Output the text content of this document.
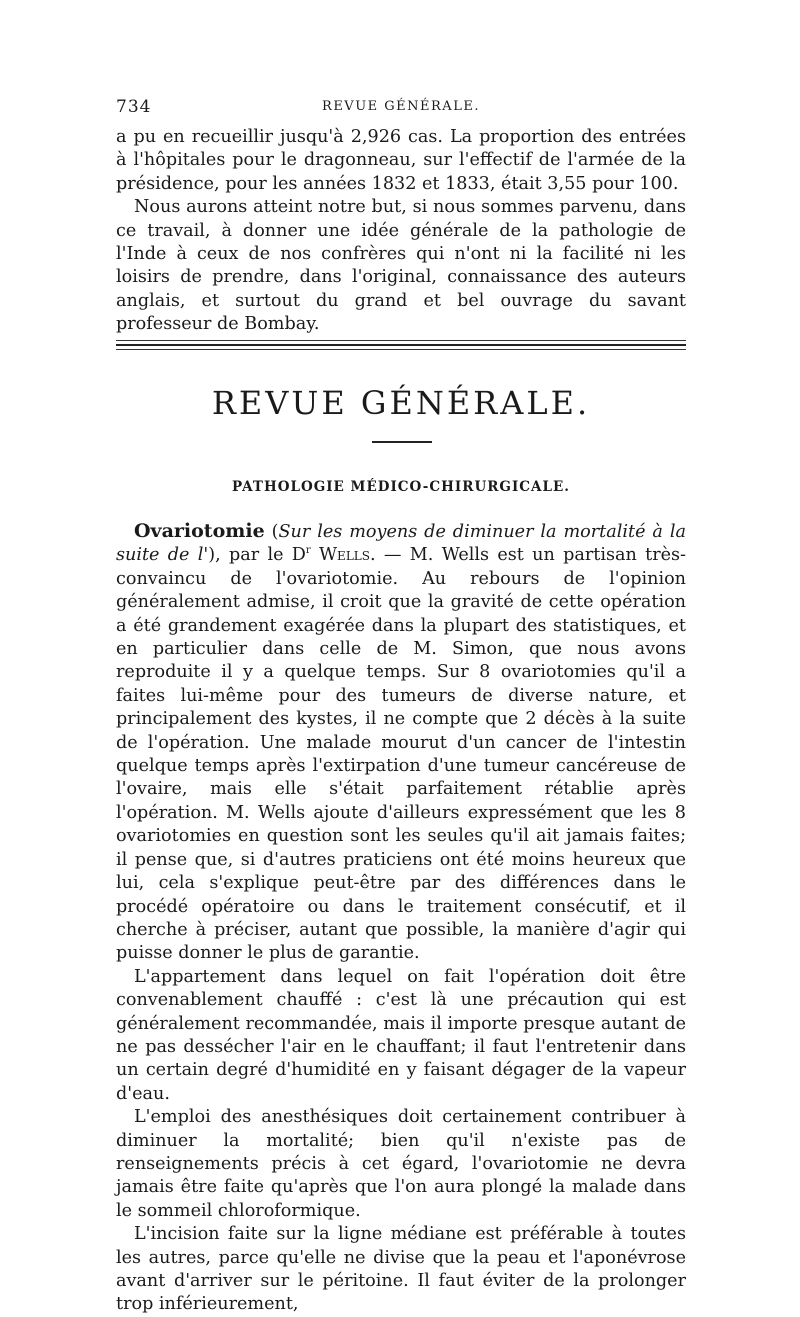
734	REVUE GÉNÉRALE.

a pu en recueillir jusqu'à 2,926 cas. La proportion des entrées à l'hôpitales pour le dragonneau, sur l'effectif de l'armée de la présidence, pour les années 1832 et 1833, était 3,55 pour 100.

Nous aurons atteint notre but, si nous sommes parvenu, dans ce travail, à donner une idée générale de la pathologie de l'Inde à ceux de nos confrères qui n'ont ni la facilité ni les loisirs de prendre, dans l'original, connaissance des auteurs anglais, et surtout du grand et bel ouvrage du savant professeur de Bombay.

REVUE GÉNÉRALE.
PATHOLOGIE MÉDICO-CHIRURGICALE.

Ovariotomie (Sur les moyens de diminuer la mortalité à la suite de l'), par le $D^r$ Wells. — M. Wells est un partisan très-convaincu de l'ovariotomie. Au rebours de l'opinion généralement admise, il croit que la gravité de cette opération a été grandement exagérée dans la plupart des statistiques, et en particulier dans celle de M. Simon, que nous avons reproduite il y a quelque temps. Sur 8 ovariotomies qu'il a faites lui-même pour des tumeurs de diverse nature, et principalement des kystes, il ne compte que 2 décès à la suite de l'opération. Une malade mourut d'un cancer de l'intestin quelque temps après l'extirpation d'une tumeur cancéreuse de l'ovaire, mais elle s'était parfaitement rétablie après l'opération. M. Wells ajoute d'ailleurs expressément que les 8 ovariotomies en question sont les seules qu'il ait jamais faites; il pense que, si d'autres praticiens ont été moins heureux que lui, cela s'explique peut-être par des différences dans le procédé opératoire ou dans le traitement consécutif, et il cherche à préciser, autant que possible, la manière d'agir qui puisse donner le plus de garantie.

L'appartement dans lequel on fait l'opération doit être convenablement chauffé : c'est là une précaution qui est généralement recommandée, mais il importe presque autant de ne pas dessécher l'air en le chauffant; il faut l'entretenir dans un certain degré d'humidité en y faisant dégager de la vapeur d'eau.

L'emploi des anesthésiques doit certainement contribuer à diminuer la mortalité; bien qu'il n'existe pas de renseignements précis à cet égard, l'ovariotomie ne devra jamais être faite qu'après que l'on aura plongé la malade dans le sommeil chloroformique.

L'incision faite sur la ligne médiane est préférable à toutes les autres, parce qu'elle ne divise que la peau et l'aponévrose avant d'arriver sur le péritoine. Il faut éviter de la prolonger trop inférieurement,
